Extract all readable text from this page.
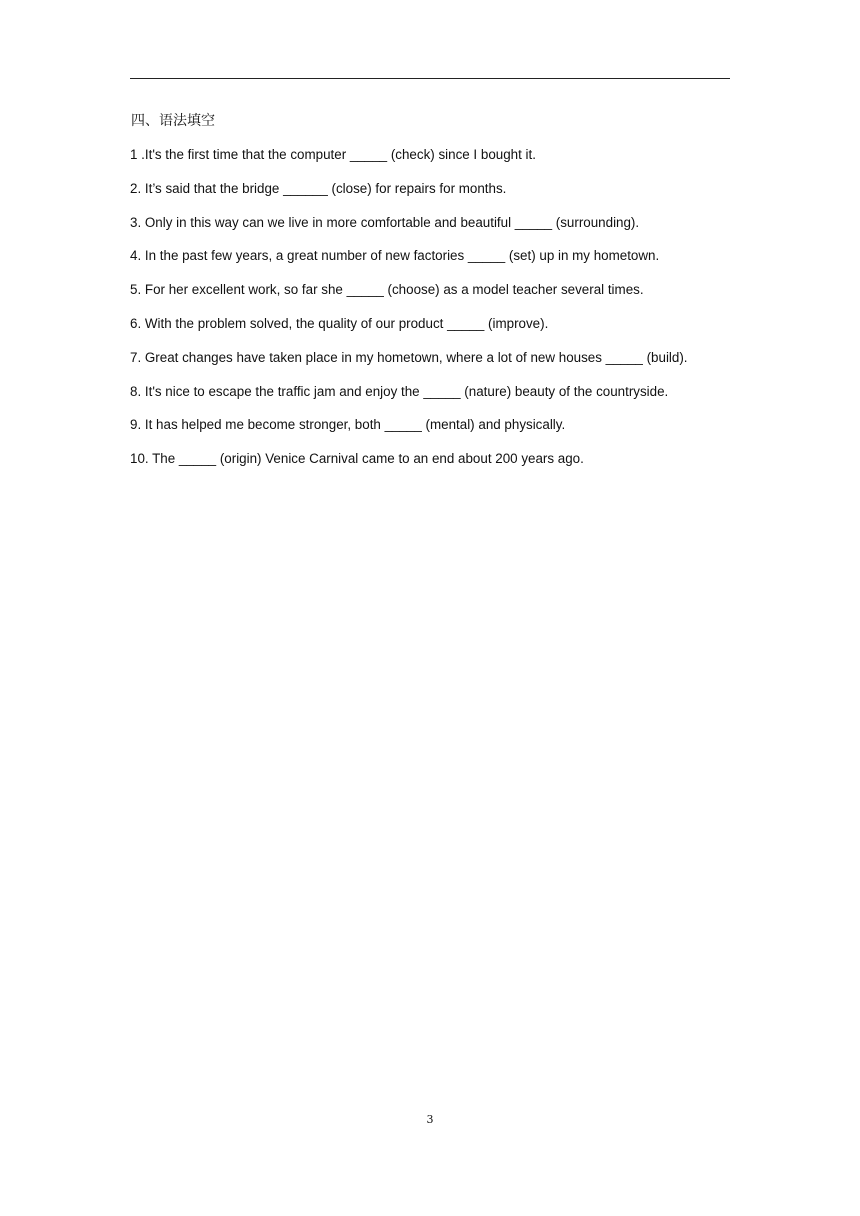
四、语法填空
1 .It's the first time that the computer _____ (check) since I bought it.
2. It’s said that the bridge ______ (close) for repairs for months.
3. Only in this way can we live in more comfortable and beautiful _____ (surrounding).
4. In the past few years, a great number of new factories _____ (set) up in my hometown.
5. For her excellent work, so far she _____ (choose) as a model teacher several times.
6. With the problem solved, the quality of our product _____ (improve).
7. Great changes have taken place in my hometown, where a lot of new houses _____ (build).
8. It's nice to escape the traffic jam and enjoy the _____ (nature) beauty of the countryside.
9. It has helped me become stronger, both _____ (mental) and physically.
10. The _____ (origin) Venice Carnival came to an end about 200 years ago.
3
